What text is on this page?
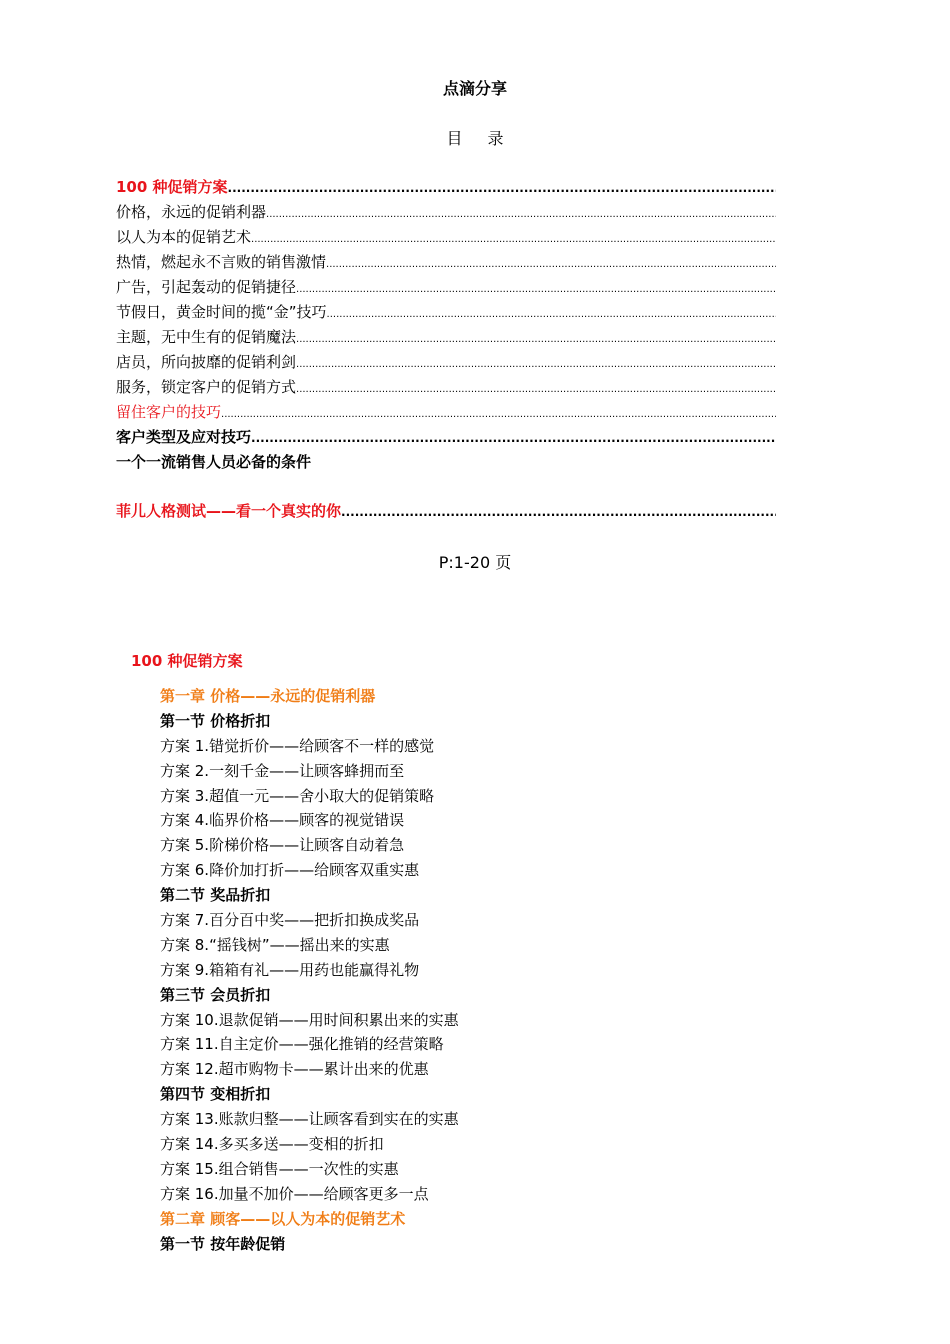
点滴分享
目 录
100 种促销方案
.....
价格，永远的促销利器
.....
以人为本的促销艺术
.....
热情，燃起永不言败的销售激情
.....
广告，引起轰动的促销捷径
.....
节假日，黄金时间的揽“金”技巧
.....
主题，无中生有的促销魔法
.....
店员，所向披靡的促销利剑
.....
服务，锁定客户的促销方式
.....
留住客户的技巧
.....
客户类型及应对技巧
.....
一个一流销售人员必备的条件
菲儿人格测试——看一个真实的你
.....
P:1-20 页
100 种促销方案
第一章 价格——永远的促销利器
第一节 价格折扣
方案 1.错觉折价——给顾客不一样的感觉
方案 2.一刻千金——让顾客蜂拥而至
方案 3.超值一元——舍小取大的促销策略
方案 4.临界价格——顾客的视觉错误
方案 5.阶梯价格——让顾客自动着急
方案 6.降价加打折——给顾客双重实惠
第二节 奖品折扣
方案 7.百分百中奖——把折扣换成奖品
方案 8.“摇钱树”——摇出来的实惠
方案 9.箱箱有礼——用药也能赢得礼物
第三节 会员折扣
方案 10.退款促销——用时间积累出来的实惠
方案 11.自主定价——强化推销的经营策略
方案 12.超市购物卡——累计出来的优惠
第四节 变相折扣
方案 13.账款归整——让顾客看到实在的实惠
方案 14.多买多送——变相的折扣
方案 15.组合销售——一次性的实惠
方案 16.加量不加价——给顾客更多一点
第二章 顾客——以人为本的促销艺术
第一节 按年龄促销
